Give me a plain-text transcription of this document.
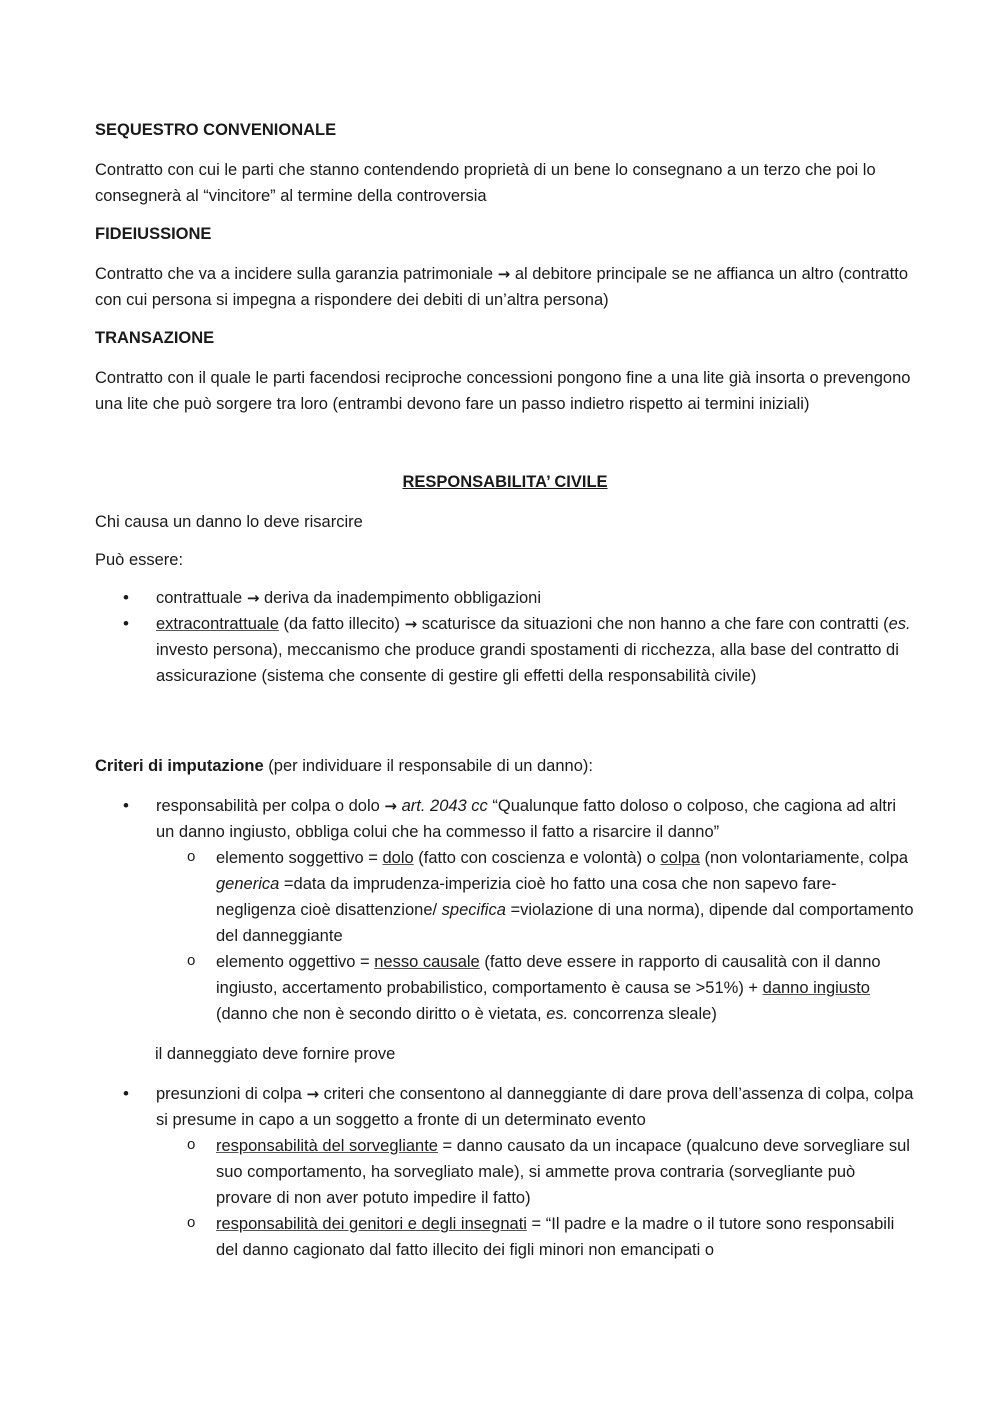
SEQUESTRO CONVENIONALE
Contratto con cui le parti che stanno contendendo proprietà di un bene lo consegnano a un terzo che poi lo consegnerà al “vincitore” al termine della controversia
FIDEIUSSIONE
Contratto che va a incidere sulla garanzia patrimoniale → al debitore principale se ne affianca un altro (contratto con cui persona si impegna a rispondere dei debiti di un’altra persona)
TRANSAZIONE
Contratto con il quale le parti facendosi reciproche concessioni pongono fine a una lite già insorta o prevengono una lite che può sorgere tra loro (entrambi devono fare un passo indietro rispetto ai termini iniziali)
RESPONSABILITA’ CIVILE
Chi causa un danno lo deve risarcire
Può essere:
• contrattuale → deriva da inadempimento obbligazioni
• extracontrattuale (da fatto illecito) → scaturisce da situazioni che non hanno a che fare con contratti (es. investo persona), meccanismo che produce grandi spostamenti di ricchezza, alla base del contratto di assicurazione (sistema che consente di gestire gli effetti della responsabilità civile)
Criteri di imputazione (per individuare il responsabile di un danno):
• responsabilità per colpa o dolo → art. 2043 cc “Qualunque fatto doloso o colposo, che cagiona ad altri un danno ingiusto, obbliga colui che ha commesso il fatto a risarcire il danno”
o elemento soggettivo = dolo (fatto con coscienza e volontà) o colpa (non volontariamente, colpa generica =data da imprudenza-imperizia cioè ho fatto una cosa che non sapevo fare-negligenza cioè disattenzione/ specifica =violazione di una norma), dipende dal comportamento del danneggiante
o elemento oggettivo = nesso causale (fatto deve essere in rapporto di causalità con il danno ingiusto, accertamento probabilistico, comportamento è causa se >51%) + danno ingiusto (danno che non è secondo diritto o è vietata, es. concorrenza sleale)
il danneggiato deve fornire prove
• presunzioni di colpa → criteri che consentono al danneggiante di dare prova dell’assenza di colpa, colpa si presume in capo a un soggetto a fronte di un determinato evento
o responsabilità del sorvegliante = danno causato da un incapace (qualcuno deve sorvegliare sul suo comportamento, ha sorvegliato male), si ammette prova contraria (sorvegliante può provare di non aver potuto impedire il fatto)
o responsabilità dei genitori e degli insegnati = “Il padre e la madre o il tutore sono responsabili del danno cagionato dal fatto illecito dei figli minori non emancipati o
